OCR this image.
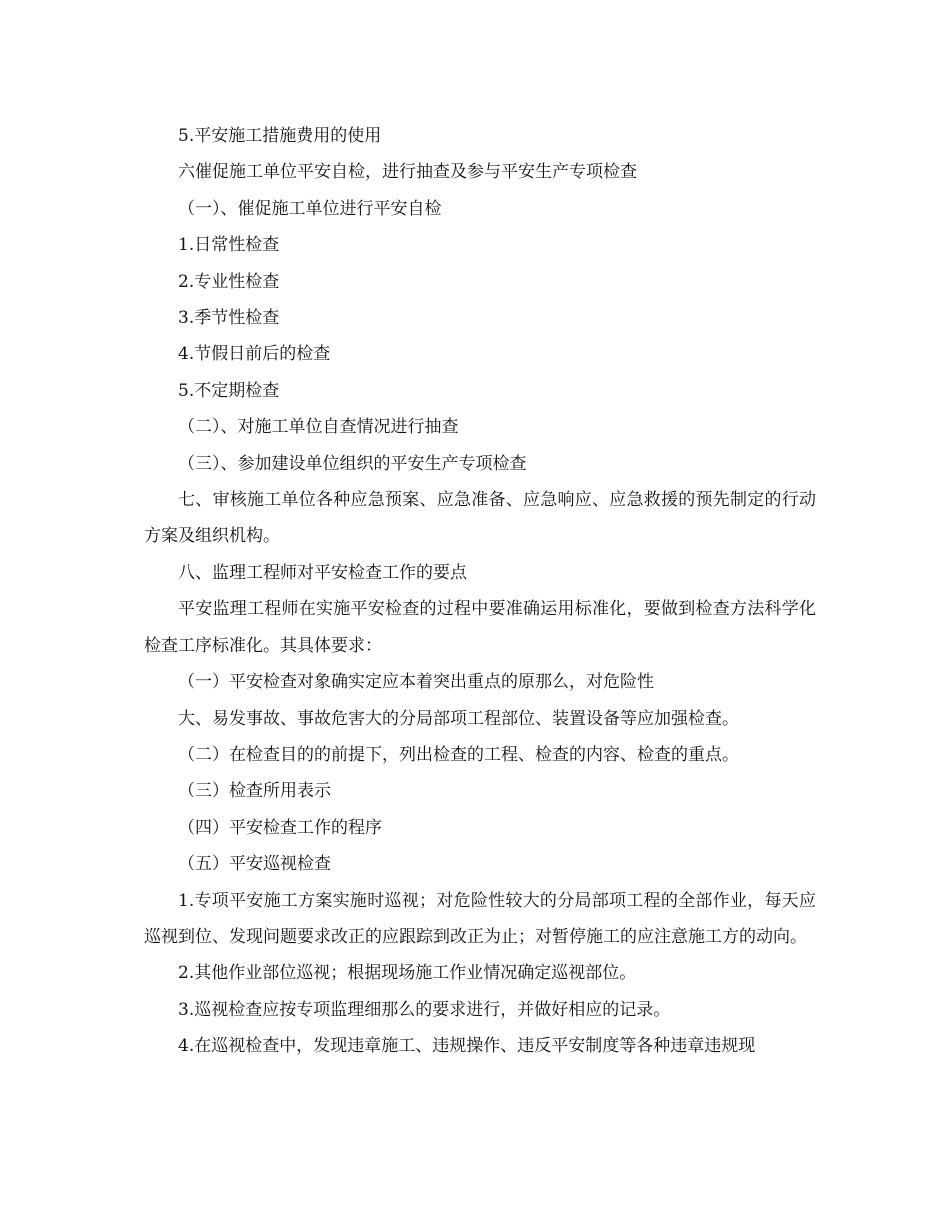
5.平安施工措施费用的使用

六催促施工单位平安自检，进行抽查及参与平安生产专项检查

（一）、催促施工单位进行平安自检

1.日常性检查

2.专业性检查

3.季节性检查

4.节假日前后的检查

5.不定期检查

（二）、对施工单位自查情况进行抽查

（三）、参加建设单位组织的平安生产专项检查

七、审核施工单位各种应急预案、应急准备、应急响应、应急救援的预先制定的行动方案及组织机构。

八、监理工程师对平安检查工作的要点

平安监理工程师在实施平安检查的过程中要准确运用标准化，要做到检查方法科学化检查工序标准化。其具体要求：

（一）平安检查对象确实定应本着突出重点的原那么，对危险性

大、易发事故、事故危害大的分局部项工程部位、装置设备等应加强检查。

（二）在检查目的的前提下，列出检查的工程、检查的内容、检查的重点。

（三）检查所用表示

（四）平安检查工作的程序

（五）平安巡视检查

1.专项平安施工方案实施时巡视；对危险性较大的分局部项工程的全部作业，每天应巡视到位、发现问题要求改正的应跟踪到改正为止；对暂停施工的应注意施工方的动向。

2.其他作业部位巡视；根据现场施工作业情况确定巡视部位。

3.巡视检查应按专项监理细那么的要求进行，并做好相应的记录。

4.在巡视检查中，发现违章施工、违规操作、违反平安制度等各种违章违规现
